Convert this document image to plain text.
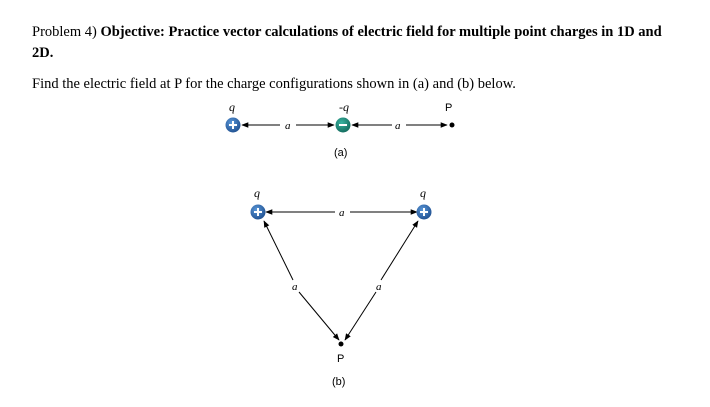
Problem 4) Objective: Practice vector calculations of electric field for multiple point charges in 1D and 2D.
Find the electric field at P for the charge configurations shown in (a) and (b) below.
q	-q	P
a	a
(a)
q	q
a
a	a
P
(b)
